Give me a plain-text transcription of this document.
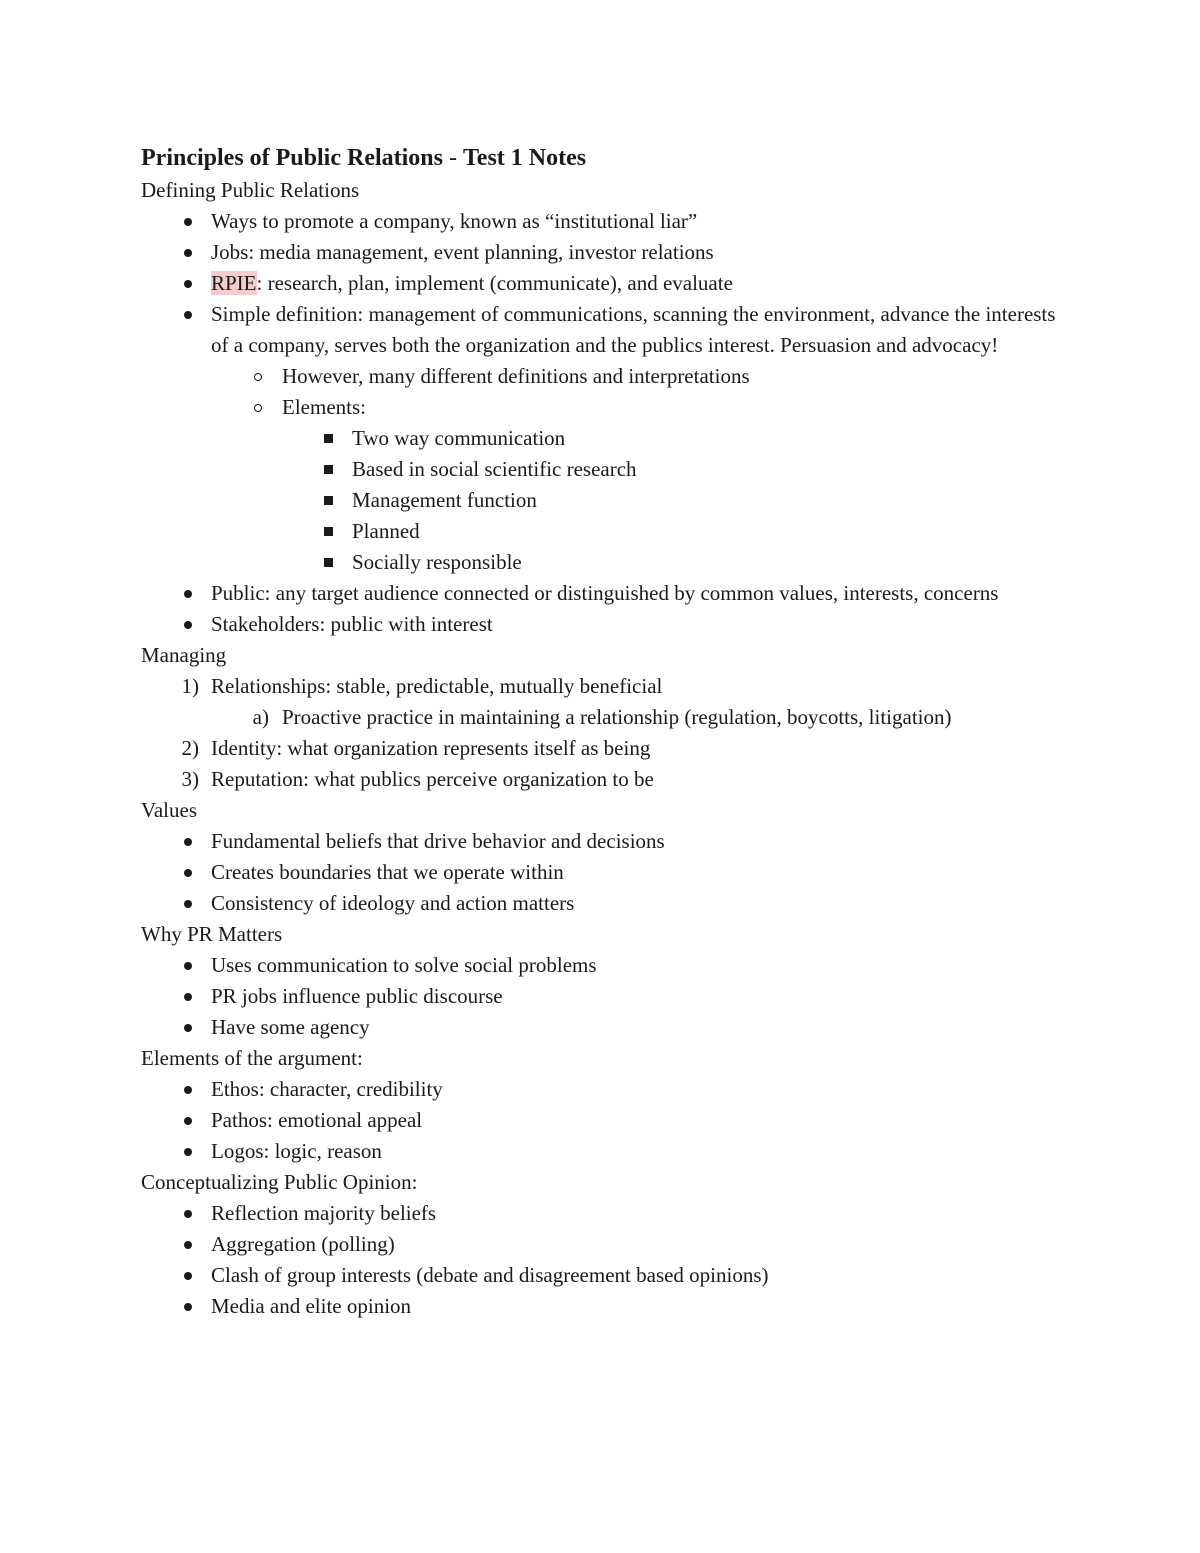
Principles of Public Relations - Test 1 Notes
Defining Public Relations
Ways to promote a company, known as “institutional liar”
Jobs: media management, event planning, investor relations
RPIE: research, plan, implement (communicate), and evaluate
Simple definition: management of communications, scanning the environment, advance the interests of a company, serves both the organization and the publics interest. Persuasion and advocacy!
However, many different definitions and interpretations
Elements:
Two way communication
Based in social scientific research
Management function
Planned
Socially responsible
Public: any target audience connected or distinguished by common values, interests, concerns
Stakeholders: public with interest
Managing
1) Relationships: stable, predictable, mutually beneficial
a) Proactive practice in maintaining a relationship (regulation, boycotts, litigation)
2) Identity: what organization represents itself as being
3) Reputation: what publics perceive organization to be
Values
Fundamental beliefs that drive behavior and decisions
Creates boundaries that we operate within
Consistency of ideology and action matters
Why PR Matters
Uses communication to solve social problems
PR jobs influence public discourse
Have some agency
Elements of the argument:
Ethos: character, credibility
Pathos: emotional appeal
Logos: logic, reason
Conceptualizing Public Opinion:
Reflection majority beliefs
Aggregation (polling)
Clash of group interests (debate and disagreement based opinions)
Media and elite opinion
